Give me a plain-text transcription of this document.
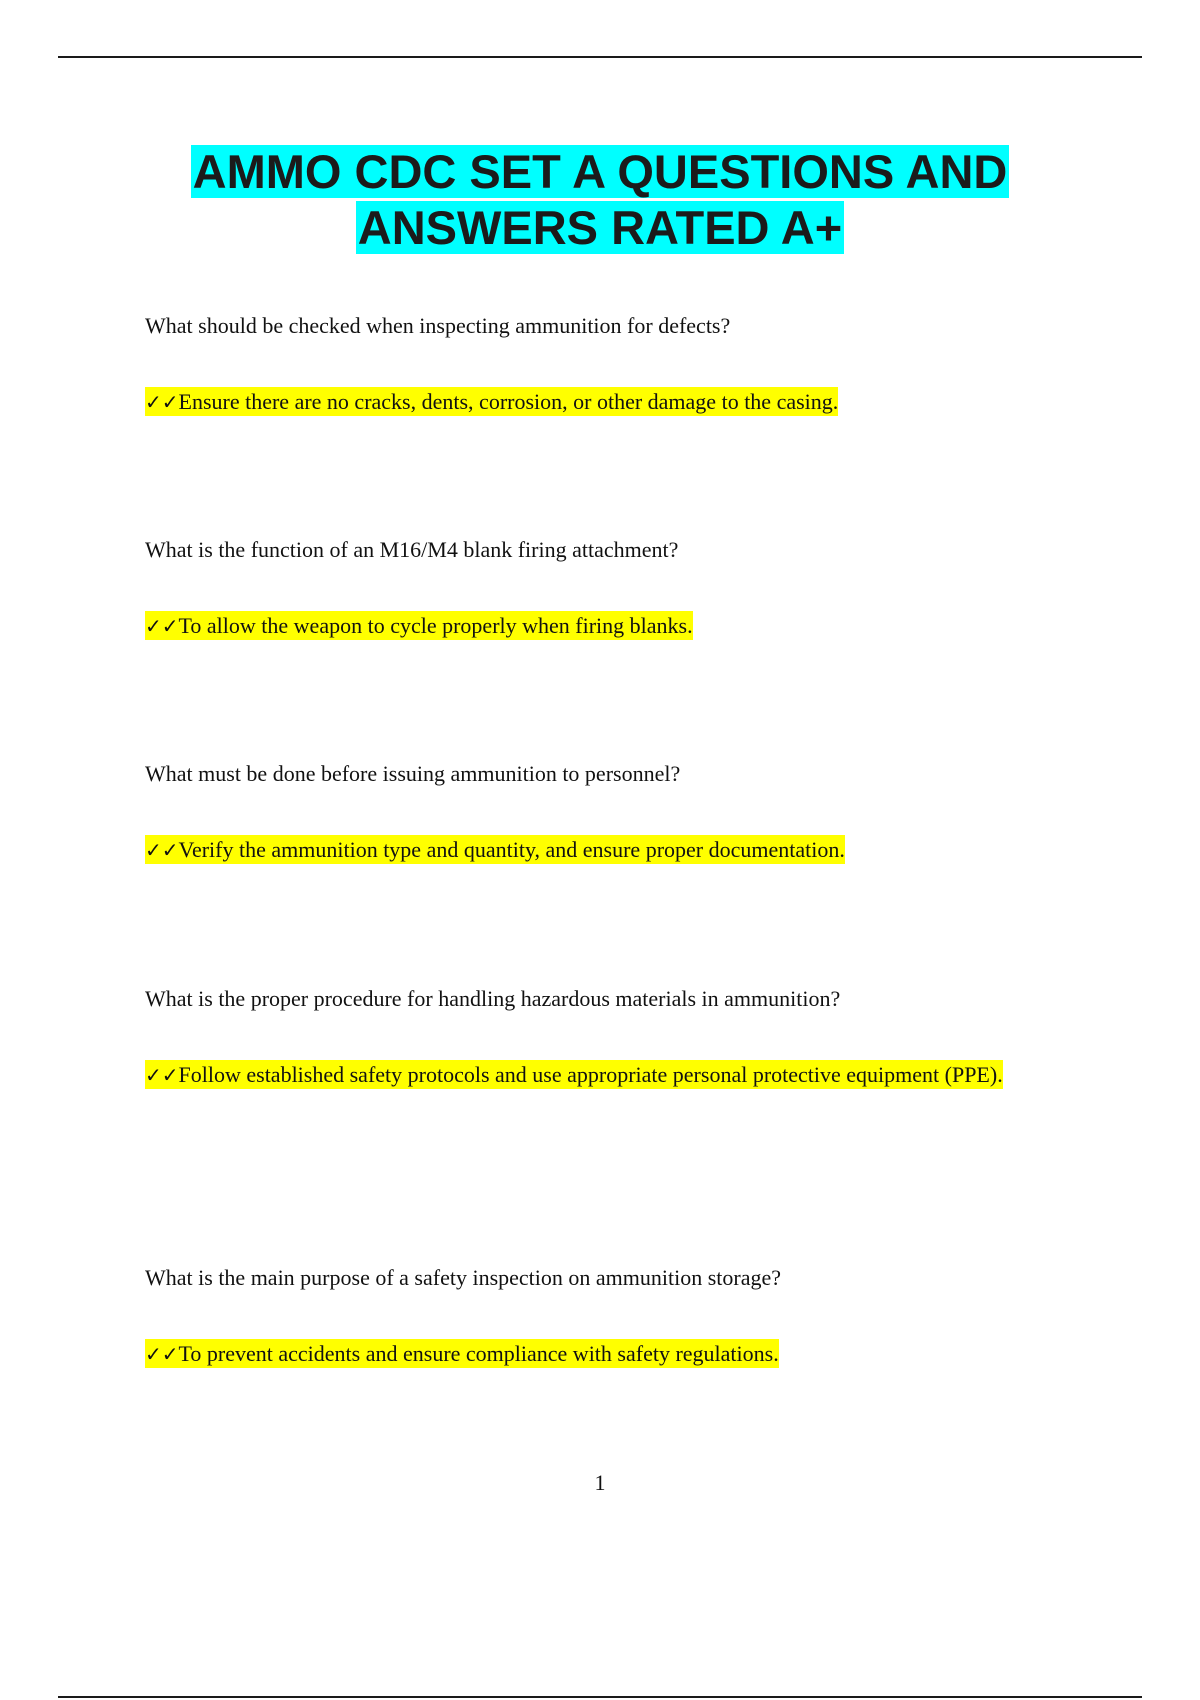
AMMO CDC SET A QUESTIONS AND
ANSWERS RATED A+
What should be checked when inspecting ammunition for defects?
✓✓Ensure there are no cracks, dents, corrosion, or other damage to the casing.
What is the function of an M16/M4 blank firing attachment?
✓✓To allow the weapon to cycle properly when firing blanks.
What must be done before issuing ammunition to personnel?
✓✓Verify the ammunition type and quantity, and ensure proper documentation.
What is the proper procedure for handling hazardous materials in ammunition?
✓✓Follow established safety protocols and use appropriate personal protective equipment (PPE).
What is the main purpose of a safety inspection on ammunition storage?
✓✓To prevent accidents and ensure compliance with safety regulations.
1
